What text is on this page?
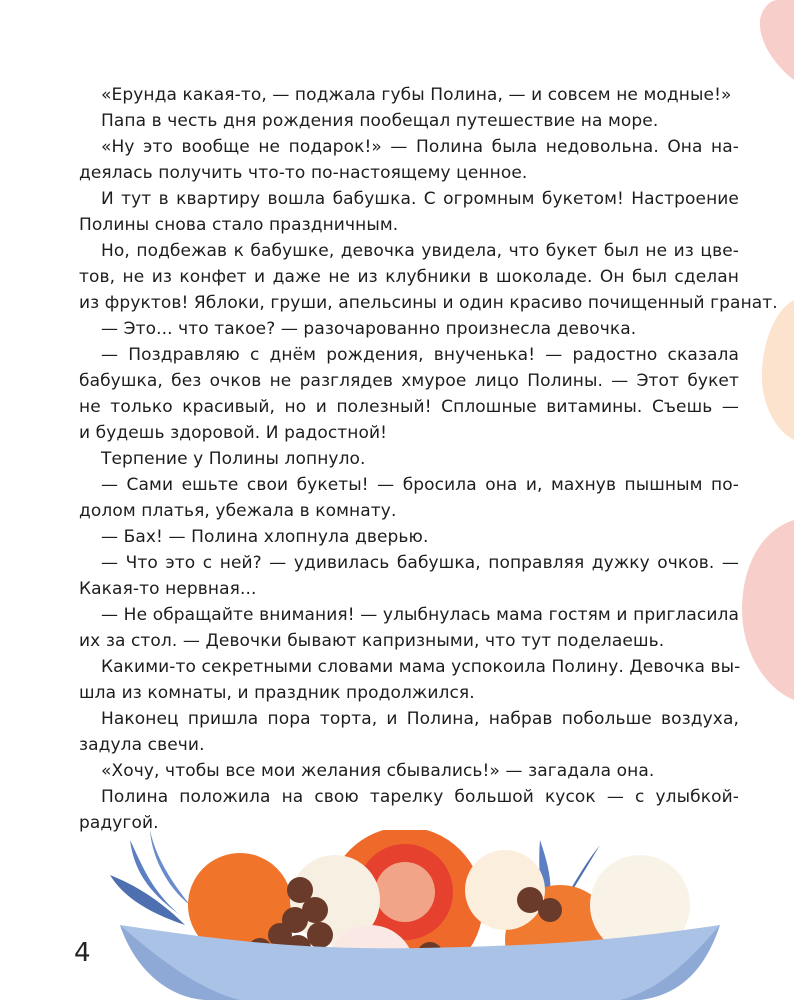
«Ерунда какая-то, — поджала губы Полина, — и совсем не модные!»
Папа в честь дня рождения пообещал путешествие на море.
«Ну это вообще не подарок!» — Полина была недовольна. Она на-
деялась получить что-то по-настоящему ценное.
И тут в квартиру вошла бабушка. С огромным букетом! Настроение
Полины снова стало праздничным.
Но, подбежав к бабушке, девочка увидела, что букет был не из цве-
тов, не из конфет и даже не из клубники в шоколаде. Он был сделан
из фруктов! Яблоки, груши, апельсины и один красиво почищенный гранат.
— Это... что такое? — разочарованно произнесла девочка.
— Поздравляю с днём рождения, внученька! — радостно сказала
бабушка, без очков не разглядев хмурое лицо Полины. — Этот букет
не только красивый, но и полезный! Сплошные витамины. Съешь —
и будешь здоровой. И радостной!
Терпение у Полины лопнуло.
— Сами ешьте свои букеты! — бросила она и, махнув пышным по-
долом платья, убежала в комнату.
— Бах! — Полина хлопнула дверью.
— Что это с ней? — удивилась бабушка, поправляя дужку очков. —
Какая-то нервная...
— Не обращайте внимания! — улыбнулась мама гостям и пригласила
их за стол. — Девочки бывают капризными, что тут поделаешь.
Какими-то секретными словами мама успокоила Полину. Девочка вы-
шла из комнаты, и праздник продолжился.
Наконец пришла пора торта, и Полина, набрав побольше воздуха,
задула свечи.
«Хочу, чтобы все мои желания сбывались!» — загадала она.
Полина положила на свою тарелку большой кусок — с улыбкой-
радугой.
4
